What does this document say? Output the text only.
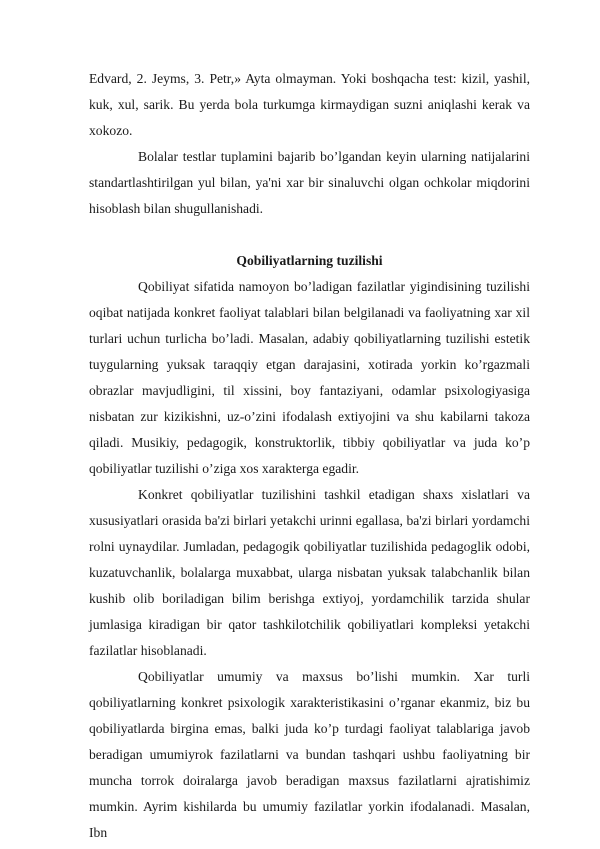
Edvard, 2. Jeyms, 3. Petr,» Ayta olmayman. Yoki boshqacha test: kizil, yashil, kuk, xul, sarik. Bu yerda bola turkumga kirmaydigan suzni aniqlashi kerak va xokozo.

Bolalar testlar tuplamini bajarib bo’lgandan keyin ularning natijalarini standartlashtirilgan yul bilan, ya'ni xar bir sinaluvchi olgan ochkolar miqdorini hisoblash bilan shugullanishadi.

Qobiliyatlarning tuzilishi

Qobiliyat sifatida namoyon bo’ladigan fazilatlar yigindisining tuzilishi oqibat natijada konkret faoliyat talablari bilan belgilanadi va faoliyatning xar xil turlari uchun turlicha bo’ladi. Masalan, adabiy qobiliyatlarning tuzilishi estetik tuygularning yuksak taraqqiy etgan darajasini, xotirada yorkin ko’rgazmali obrazlar mavjudligini, til xissini, boy fantaziyani, odamlar psixologiyasiga nisbatan zur kizikishni, uz-o’zini ifodalash extiyojini va shu kabilarni takoza qiladi. Musikiy, pedagogik, konstruktorlik, tibbiy qobiliyatlar va juda ko’p qobiliyatlar tuzilishi o’ziga xos xarakterga egadir.

Konkret qobiliyatlar tuzilishini tashkil etadigan shaxs xislatlari va xususiyatlari orasida ba'zi birlari yetakchi urinni egallasa, ba'zi birlari yordamchi rolni uynaydilar. Jumladan, pedagogik qobiliyatlar tuzilishida pedagoglik odobi, kuzatuvchanlik, bolalarga muxabbat, ularga nisbatan yuksak talabchanlik bilan kushib olib boriladigan bilim berishga extiyoj, yordamchilik tarzida shular jumlasiga kiradigan bir qator tashkilotchilik qobiliyatlari kompleksi yetakchi fazilatlar hisoblanadi.

Qobiliyatlar umumiy va maxsus bo’lishi mumkin. Xar turli qobiliyatlarning konkret psixologik xarakteristikasini o’rganar ekanmiz, biz bu qobiliyatlarda birgina emas, balki juda ko’p turdagi faoliyat talablariga javob beradigan umumiyrok fazilatlarni va bundan tashqari ushbu faoliyatning bir muncha torrok doiralarga javob beradigan maxsus fazilatlarni ajratishimiz mumkin. Ayrim kishilarda bu umumiy fazilatlar yorkin ifodalanadi. Masalan, Ibn
